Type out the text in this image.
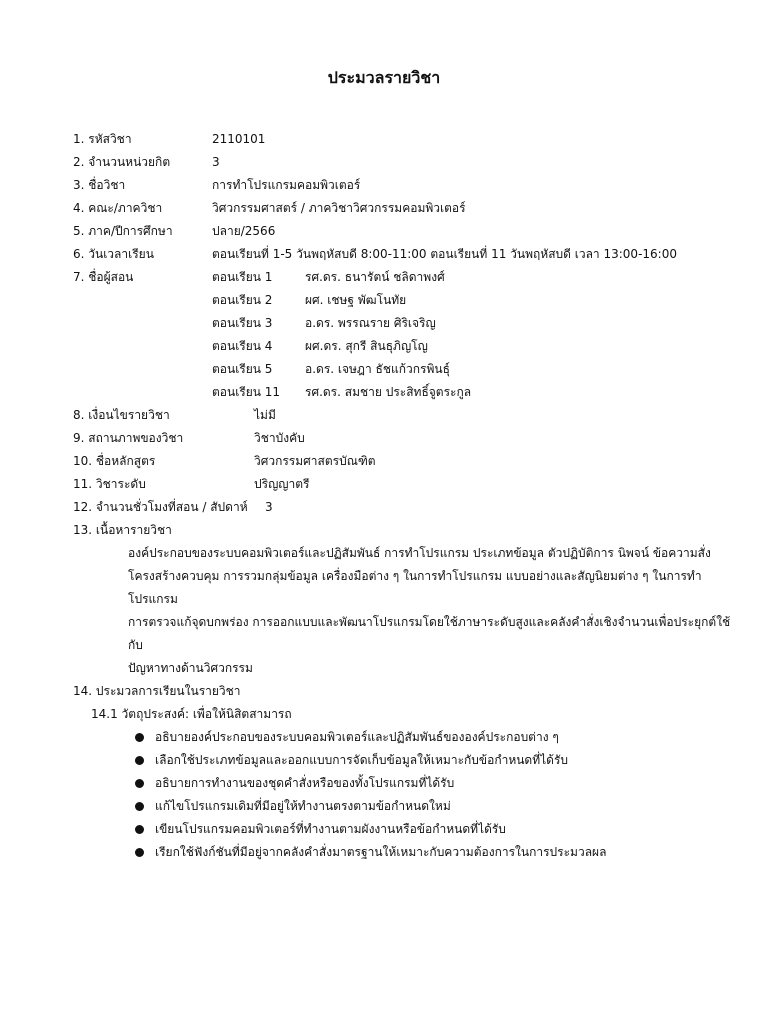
ประมวลรายวิชา
1. รหัสวิชา	2110101
2. จำนวนหน่วยกิต	3
3. ชื่อวิชา	การทำโปรแกรมคอมพิวเตอร์
4. คณะ/ภาควิชา	วิศวกรรมศาสตร์ / ภาควิชาวิศวกรรมคอมพิวเตอร์
5. ภาค/ปีการศึกษา	ปลาย/2566
6. วันเวลาเรียน	ตอนเรียนที่ 1-5 วันพฤหัสบดี 8:00-11:00 ตอนเรียนที่ 11 วันพฤหัสบดี เวลา 13:00-16:00
7. ชื่อผู้สอน	ตอนเรียน 1	รศ.ดร. ธนารัตน์ ชลิดาพงศ์
ตอนเรียน 2	ผศ. เชษฐ พัฒโนทัย
ตอนเรียน 3	อ.ดร. พรรณราย ศิริเจริญ
ตอนเรียน 4	ผศ.ดร. สุกรี สินธุภิญโญ
ตอนเรียน 5	อ.ดร. เจษฎา ธัชแก้วกรพินธุ์
ตอนเรียน 11 รศ.ดร. สมชาย ประสิทธิ์จูตระกูล
8. เงื่อนไขรายวิชา	ไม่มี
9. สถานภาพของวิชา	วิชาบังคับ
10. ชื่อหลักสูตร	วิศวกรรมศาสตรบัณฑิต
11. วิชาระดับ	ปริญญาตรี
12. จำนวนชั่วโมงที่สอน / สัปดาห์ 3
13. เนื้อหารายวิชา

องค์ประกอบของระบบคอมพิวเตอร์และปฏิสัมพันธ์ การทำโปรแกรม ประเภทข้อมูล ตัวปฏิบัติการ นิพจน์ ข้อความสั่ง

โครงสร้างควบคุม การรวมกลุ่มข้อมูล เครื่องมือต่าง ๆ ในการทำโปรแกรม แบบอย่างและสัญนิยมต่าง ๆ ในการทำโปรแกรม

การตรวจแก้จุดบกพร่อง การออกแบบและพัฒนาโปรแกรมโดยใช้ภาษาระดับสูงและคลังคำสั่งเชิงจำนวนเพื่อประยุกต์ใช้กับ

ปัญหาทางด้านวิศวกรรม

14. ประมวลการเรียนในรายวิชา
14.1 วัตถุประสงค์: เพื่อให้นิสิตสามารถ
อธิบายองค์ประกอบของระบบคอมพิวเตอร์และปฏิสัมพันธ์ขององค์ประกอบต่าง ๆ
เลือกใช้ประเภทข้อมูลและออกแบบการจัดเก็บข้อมูลให้เหมาะกับข้อกำหนดที่ได้รับ
อธิบายการทำงานของชุดคำสั่งหรือของทั้งโปรแกรมที่ได้รับ
แก้ไขโปรแกรมเดิมที่มีอยู่ให้ทำงานตรงตามข้อกำหนดใหม่
เขียนโปรแกรมคอมพิวเตอร์ที่ทำงานตามผังงานหรือข้อกำหนดที่ได้รับ
เรียกใช้ฟังก์ชันที่มีอยู่จากคลังคำสั่งมาตรฐานให้เหมาะกับความต้องการในการประมวลผล
